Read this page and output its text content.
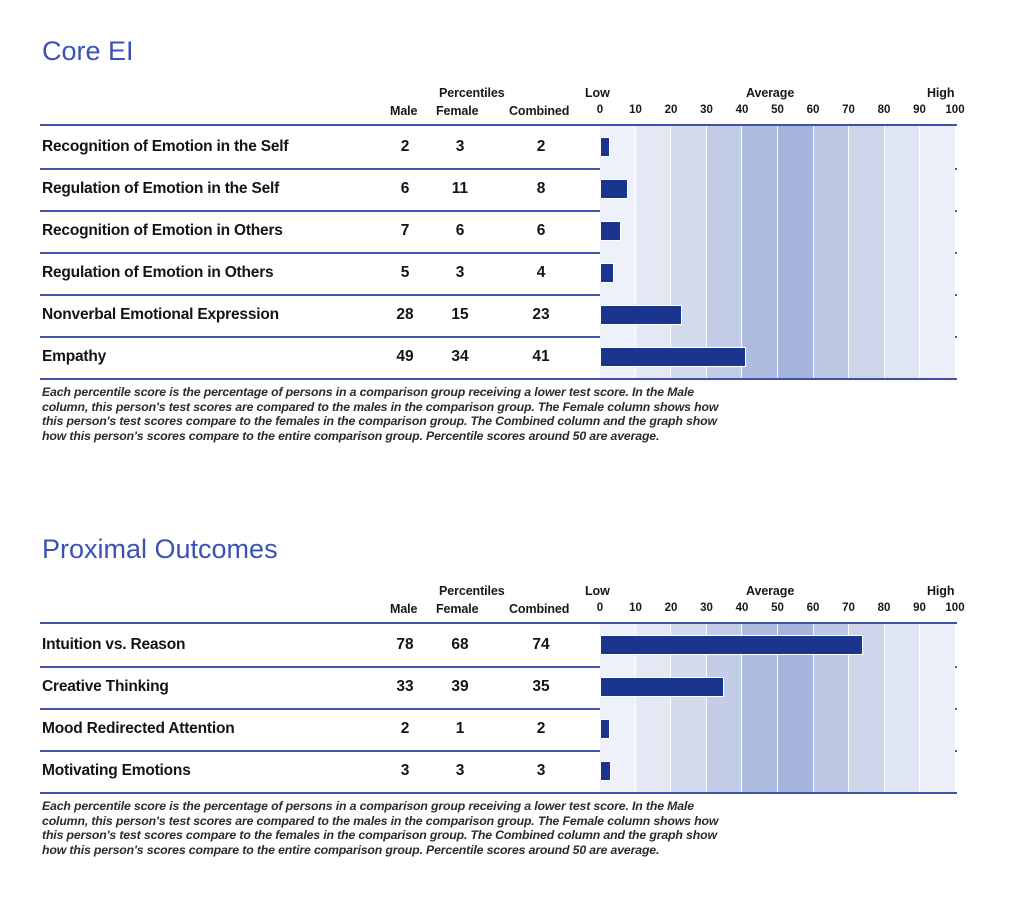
Core EI
Percentiles
Male Female Combined
Low	Average	High
0 10 20 30 40 50 60 70 80 90 100
Recognition of Emotion in the Self	2	3	2
Regulation of Emotion in the Self	6	11	8
Recognition of Emotion in Others	7	6	6
Regulation of Emotion in Others	5	3	4
Nonverbal Emotional Expression	28	15	23
Empathy	49	34	41
Each percentile score is the percentage of persons in a comparison group receiving a lower test score. In the Male
column, this person's test scores are compared to the males in the comparison group. The Female column shows how
this person's test scores compare to the females in the comparison group. The Combined column and the graph show
how this person's scores compare to the entire comparison group. Percentile scores around 50 are average.
Proximal Outcomes
Percentiles
Male Female Combined
Low	Average	High
0 10 20 30 40 50 60 70 80 90 100
Intuition vs. Reason	78	68	74
Creative Thinking	33	39	35
Mood Redirected Attention	2	1	2
Motivating Emotions	3	3	3
Each percentile score is the percentage of persons in a comparison group receiving a lower test score. In the Male
column, this person's test scores are compared to the males in the comparison group. The Female column shows how
this person's test scores compare to the females in the comparison group. The Combined column and the graph show
how this person's scores compare to the entire comparison group. Percentile scores around 50 are average.
